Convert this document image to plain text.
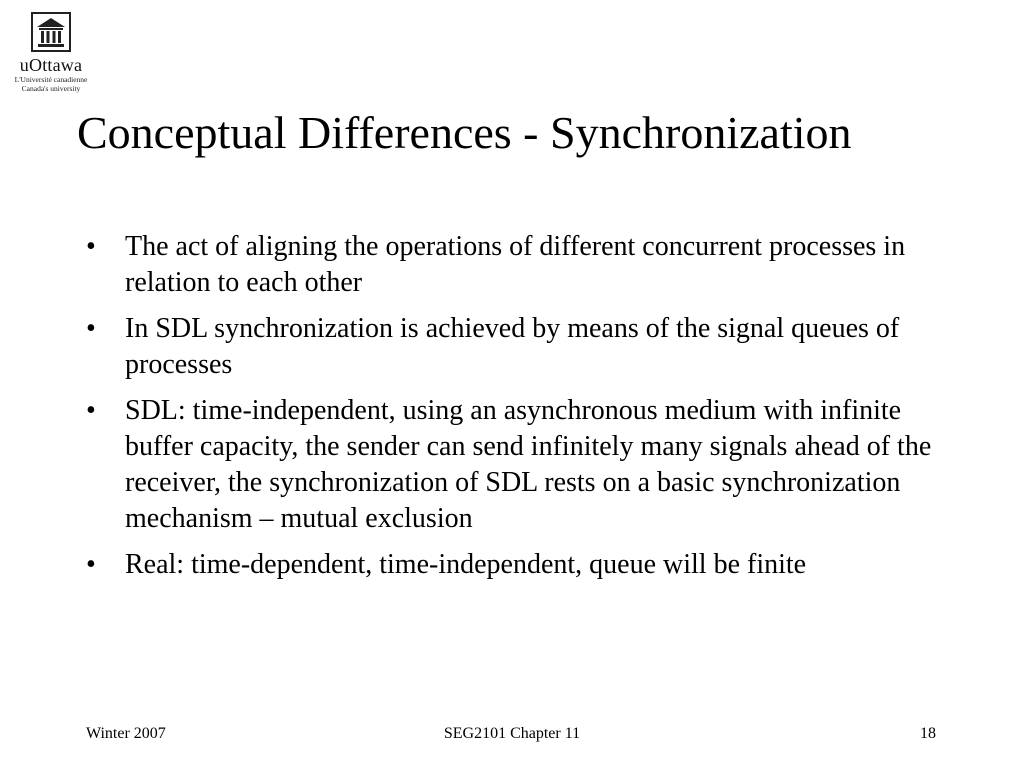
uOttawa
L'Université canadienne
Canada's university
Conceptual Differences - Synchronization
• The act of aligning the operations of different concurrent processes in relation to each other
• In SDL synchronization is achieved by means of the signal queues of processes
• SDL: time-independent, using an asynchronous medium with infinite buffer capacity, the sender can send infinitely many signals ahead of the receiver, the synchronization of SDL rests on a basic synchronization mechanism – mutual exclusion
• Real: time-dependent, time-independent, queue will be finite
Winter 2007	SEG2101 Chapter 11	18
